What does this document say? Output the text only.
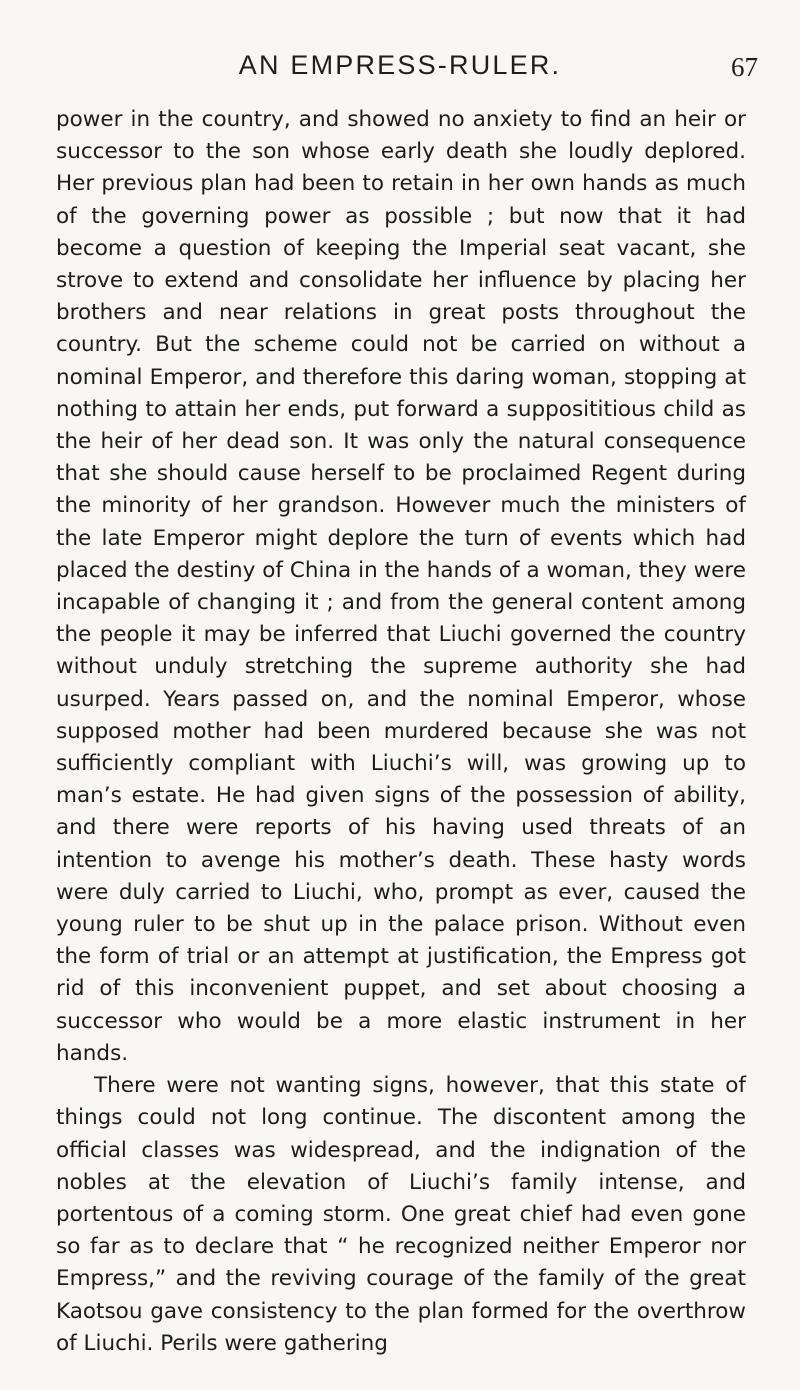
AN EMPRESS-RULER.	67

power in the country, and showed no anxiety to find an heir or successor to the son whose early death she loudly deplored. Her previous plan had been to retain in her own hands as much of the governing power as possible ; but now that it had become a question of keeping the Imperial seat vacant, she strove to extend and consolidate her influence by placing her brothers and near relations in great posts throughout the country. But the scheme could not be carried on without a nominal Emperor, and therefore this daring woman, stopping at nothing to attain her ends, put forward a supposititious child as the heir of her dead son. It was only the natural consequence that she should cause herself to be proclaimed Regent during the minority of her grandson. However much the ministers of the late Emperor might deplore the turn of events which had placed the destiny of China in the hands of a woman, they were incapable of changing it ; and from the general content among the people it may be inferred that Liuchi governed the country without unduly stretching the supreme authority she had usurped. Years passed on, and the nominal Emperor, whose supposed mother had been murdered because she was not sufficiently compliant with Liuchi’s will, was growing up to man’s estate. He had given signs of the possession of ability, and there were reports of his having used threats of an intention to avenge his mother’s death. These hasty words were duly carried to Liuchi, who, prompt as ever, caused the young ruler to be shut up in the palace prison. Without even the form of trial or an attempt at justification, the Empress got rid of this inconvenient puppet, and set about choosing a successor who would be a more elastic instrument in her hands.

There were not wanting signs, however, that this state of things could not long continue. The discontent among the official classes was widespread, and the indignation of the nobles at the elevation of Liuchi’s family intense, and portentous of a coming storm. One great chief had even gone so far as to declare that “ he recognized neither Emperor nor Empress,” and the reviving courage of the family of the great Kaotsou gave consistency to the plan formed for the overthrow of Liuchi. Perils were gathering
